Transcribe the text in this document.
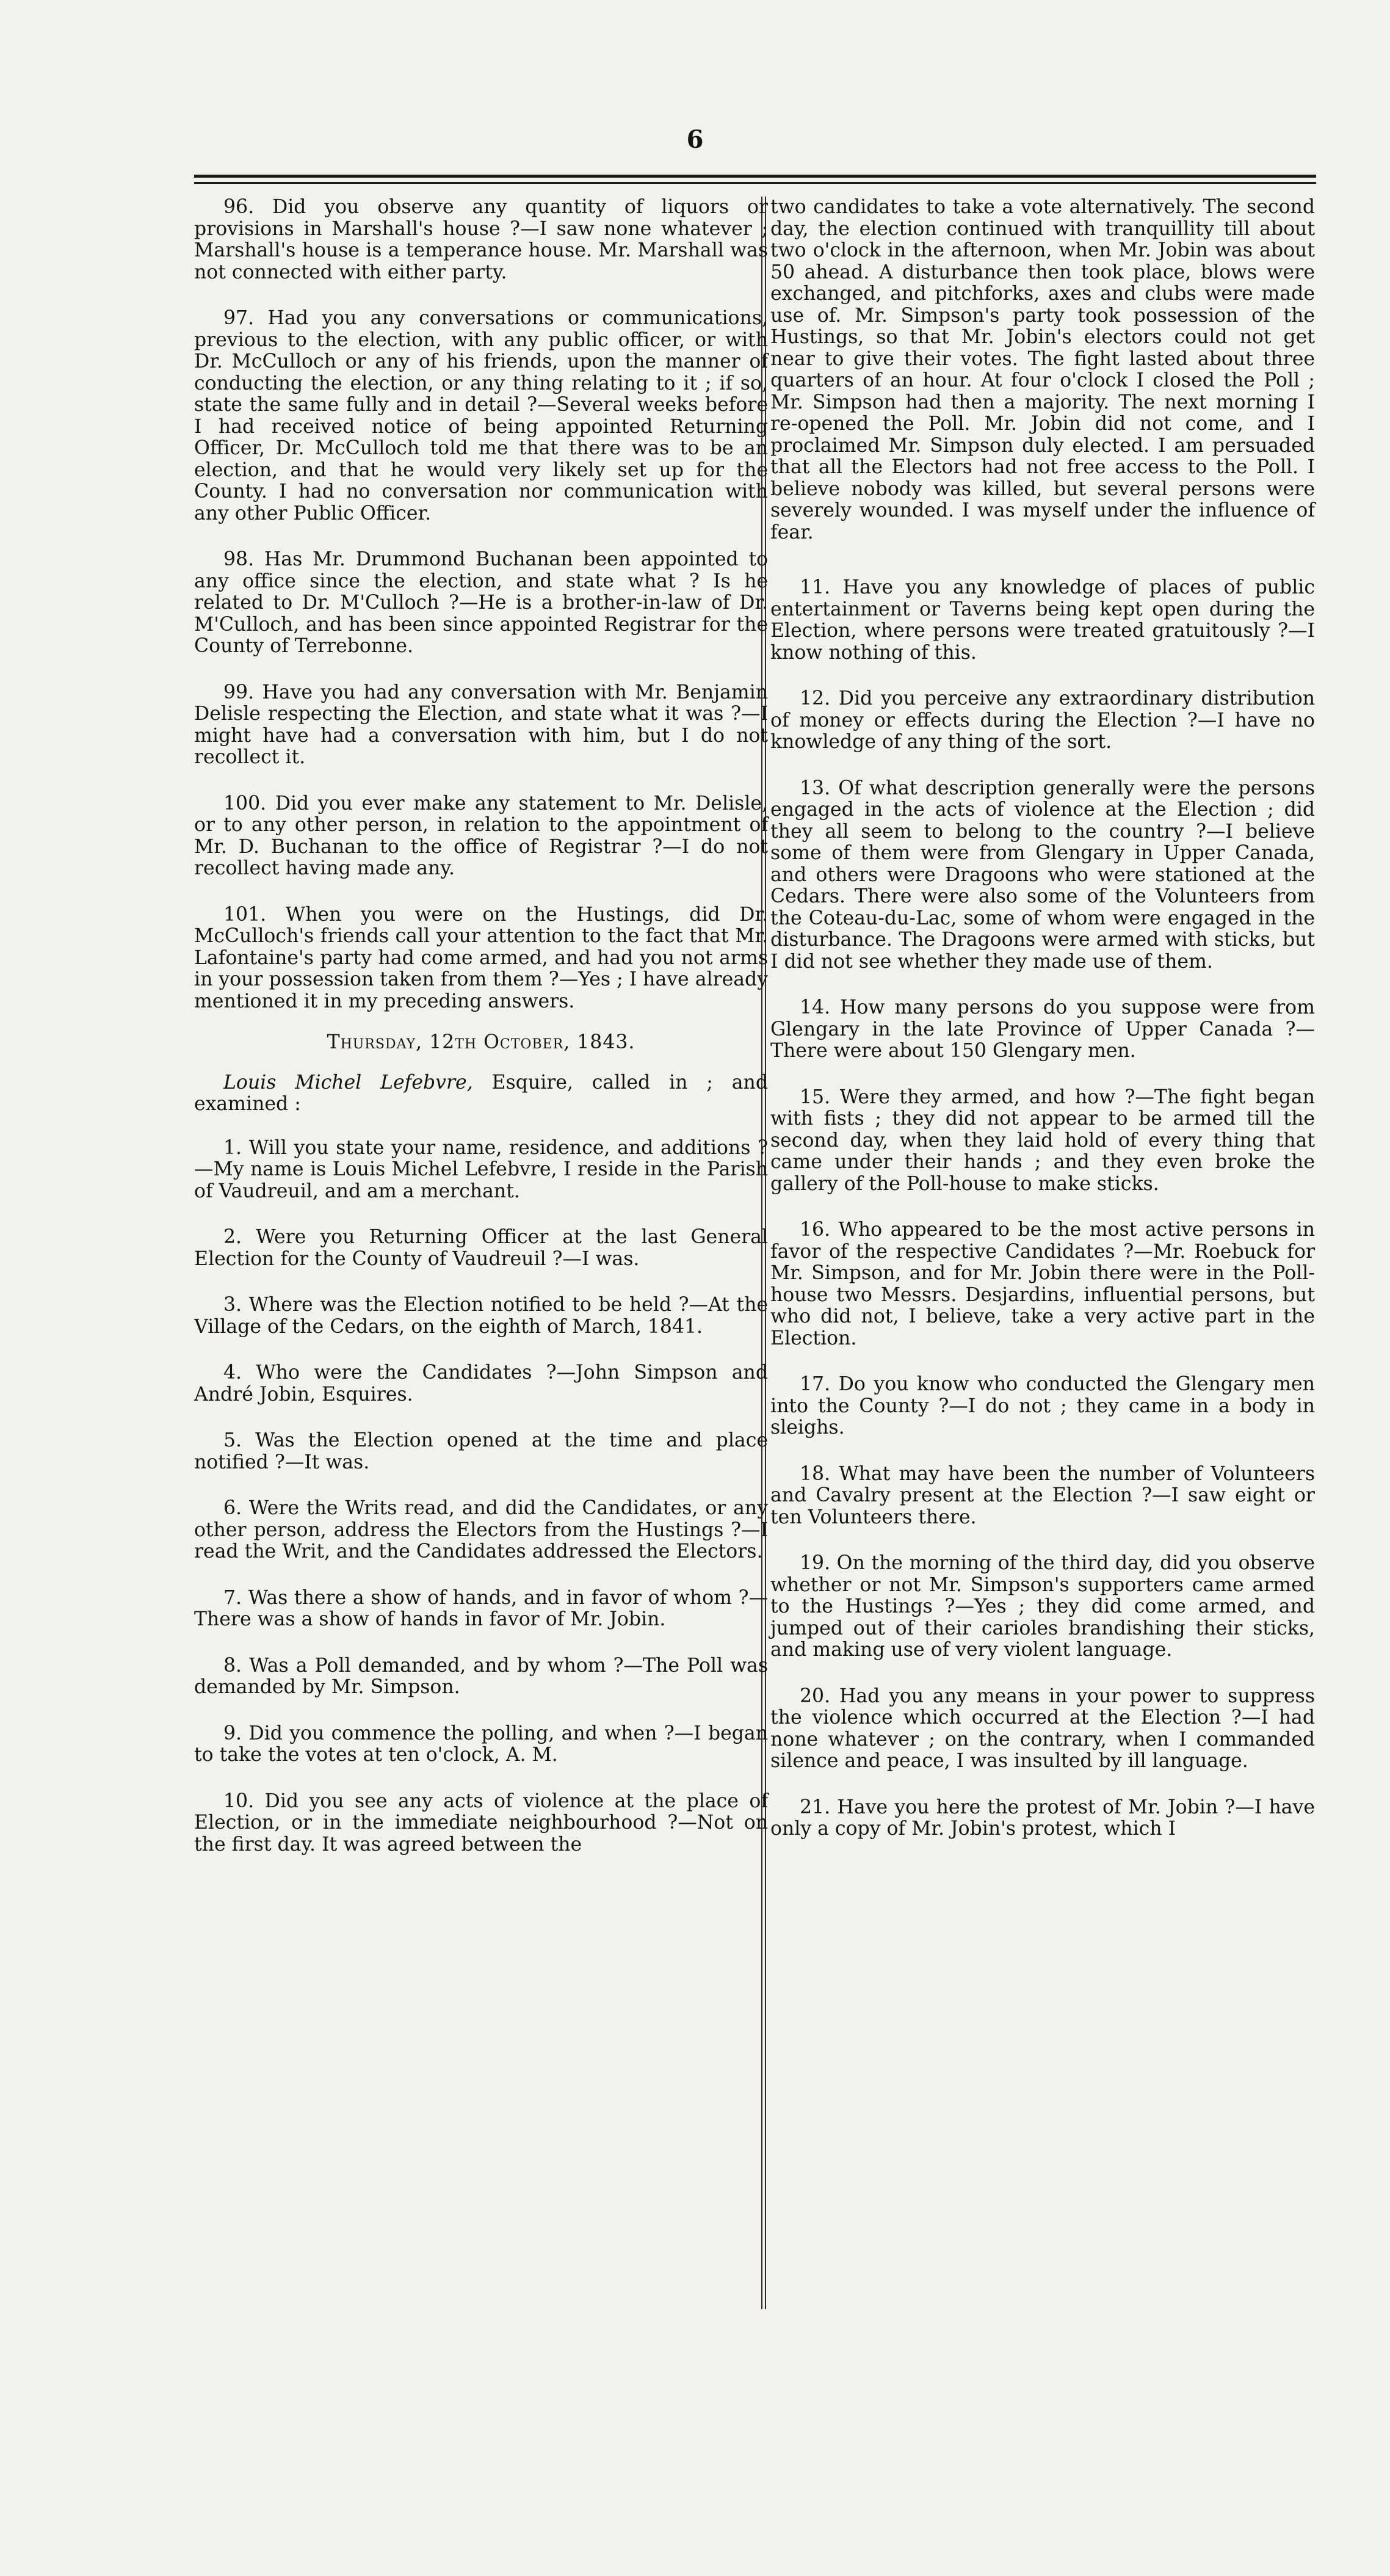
6

96. Did you observe any quantity of liquors or provisions in Marshall's house ?—I saw none whatever ; Marshall's house is a temperance house. Mr. Marshall was not connected with either party.

97. Had you any conversations or communications, previous to the election, with any public officer, or with Dr. McCulloch or any of his friends, upon the manner of conducting the election, or any thing relating to it ; if so, state the same fully and in detail ?—Several weeks before I had received notice of being appointed Returning Officer, Dr. McCulloch told me that there was to be an election, and that he would very likely set up for the County. I had no conversation nor communication with any other Public Officer.

98. Has Mr. Drummond Buchanan been appointed to any office since the election, and state what ? Is he related to Dr. M'Culloch ?—He is a brother-in-law of Dr. M'Culloch, and has been since appointed Registrar for the County of Terrebonne.

99. Have you had any conversation with Mr. Benjamin Delisle respecting the Election, and state what it was ?—I might have had a conversation with him, but I do not recollect it.

100. Did you ever make any statement to Mr. Delisle, or to any other person, in relation to the appointment of Mr. D. Buchanan to the office of Registrar ?—I do not recollect having made any.

101. When you were on the Hustings, did Dr. McCulloch's friends call your attention to the fact that Mr. Lafontaine's party had come armed, and had you not arms in your possession taken from them ?—Yes ; I have already mentioned it in my preceding answers.

Thursday, 12th October, 1843.

Louis Michel Lefebvre, Esquire, called in ; and examined :

1. Will you state your name, residence, and additions ?—My name is Louis Michel Lefebvre, I reside in the Parish of Vaudreuil, and am a merchant.

2. Were you Returning Officer at the last General Election for the County of Vaudreuil ?—I was.

3. Where was the Election notified to be held ?—At the Village of the Cedars, on the eighth of March, 1841.

4. Who were the Candidates ?—John Simpson and André Jobin, Esquires.

5. Was the Election opened at the time and place notified ?—It was.

6. Were the Writs read, and did the Candidates, or any other person, address the Electors from the Hustings ?—I read the Writ, and the Candidates addressed the Electors.

7. Was there a show of hands, and in favor of whom ?—There was a show of hands in favor of Mr. Jobin.

8. Was a Poll demanded, and by whom ?—The Poll was demanded by Mr. Simpson.

9. Did you commence the polling, and when ?—I began to take the votes at ten o'clock, A. M.

10. Did you see any acts of violence at the place of Election, or in the immediate neighbourhood ?—Not on the first day. It was agreed between the

two candidates to take a vote alternatively. The second day, the election continued with tranquillity till about two o'clock in the afternoon, when Mr. Jobin was about 50 ahead. A disturbance then took place, blows were exchanged, and pitchforks, axes and clubs were made use of. Mr. Simpson's party took possession of the Hustings, so that Mr. Jobin's electors could not get near to give their votes. The fight lasted about three quarters of an hour. At four o'clock I closed the Poll ; Mr. Simpson had then a majority. The next morning I re-opened the Poll. Mr. Jobin did not come, and I proclaimed Mr. Simpson duly elected. I am persuaded that all the Electors had not free access to the Poll. I believe nobody was killed, but several persons were severely wounded. I was myself under the influence of fear.

11. Have you any knowledge of places of public entertainment or Taverns being kept open during the Election, where persons were treated gratuitously ?—I know nothing of this.

12. Did you perceive any extraordinary distribution of money or effects during the Election ?—I have no knowledge of any thing of the sort.

13. Of what description generally were the persons engaged in the acts of violence at the Election ; did they all seem to belong to the country ?—I believe some of them were from Glengary in Upper Canada, and others were Dragoons who were stationed at the Cedars. There were also some of the Volunteers from the Coteau-du-Lac, some of whom were engaged in the disturbance. The Dragoons were armed with sticks, but I did not see whether they made use of them.

14. How many persons do you suppose were from Glengary in the late Province of Upper Canada ?—There were about 150 Glengary men.

15. Were they armed, and how ?—The fight began with fists ; they did not appear to be armed till the second day, when they laid hold of every thing that came under their hands ; and they even broke the gallery of the Poll-house to make sticks.

16. Who appeared to be the most active persons in favor of the respective Candidates ?—Mr. Roebuck for Mr. Simpson, and for Mr. Jobin there were in the Poll-house two Messrs. Desjardins, influential persons, but who did not, I believe, take a very active part in the Election.

17. Do you know who conducted the Glengary men into the County ?—I do not ; they came in a body in sleighs.

18. What may have been the number of Volunteers and Cavalry present at the Election ?—I saw eight or ten Volunteers there.

19. On the morning of the third day, did you observe whether or not Mr. Simpson's supporters came armed to the Hustings ?—Yes ; they did come armed, and jumped out of their carioles brandishing their sticks, and making use of very violent language.

20. Had you any means in your power to suppress the violence which occurred at the Election ?—I had none whatever ; on the contrary, when I commanded silence and peace, I was insulted by ill language.

21. Have you here the protest of Mr. Jobin ?—I have only a copy of Mr. Jobin's protest, which I
